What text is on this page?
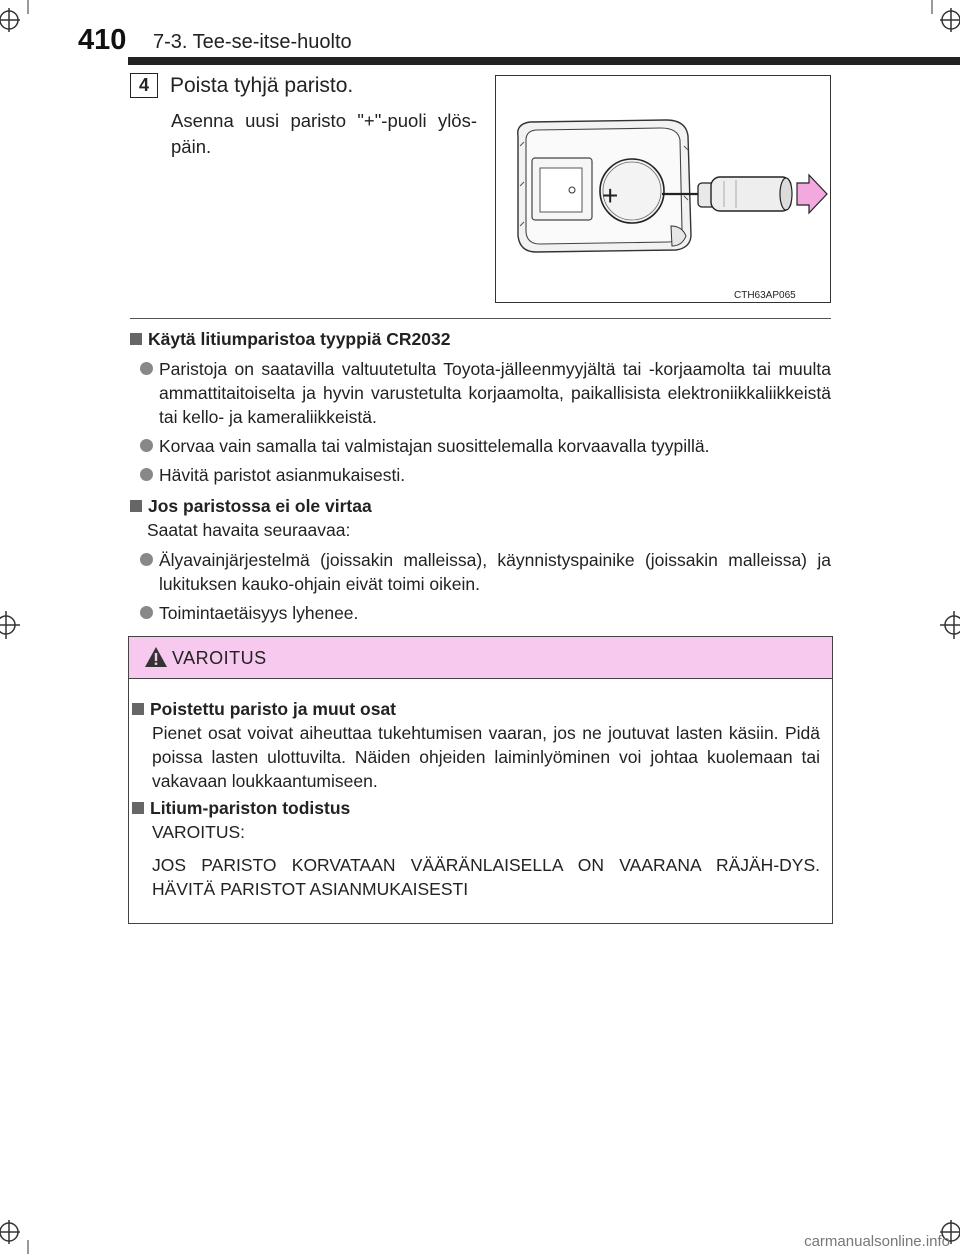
410 7-3. Tee-se-itse-huolto
4	Poista tyhjä paristo.
Asenna uusi paristo "+"-puoli ylös-päin.
+
CTH63AP065
Käytä litiumparistoa tyyppiä CR2032
Paristoja on saatavilla valtuutetulta Toyota-jälleenmyyjältä tai -korjaamolta tai muulta ammattitaitoiselta ja hyvin varustetulta korjaamolta, paikallisista elektroniikkaliikkeistä tai kello- ja kameraliikkeistä.
Korvaa vain samalla tai valmistajan suosittelemalla korvaavalla tyypillä.
Hävitä paristot asianmukaisesti.
Jos paristossa ei ole virtaa
Saatat havaita seuraavaa:
Älyavainjärjestelmä (joissakin malleissa), käynnistyspainike (joissakin malleissa) ja lukituksen kauko-ohjain eivät toimi oikein.
Toimintaetäisyys lyhenee.
VAROITUS
Poistettu paristo ja muut osat
Pienet osat voivat aiheuttaa tukehtumisen vaaran, jos ne joutuvat lasten käsiin. Pidä poissa lasten ulottuvilta. Näiden ohjeiden laiminlyöminen voi johtaa kuolemaan tai vakavaan loukkaantumiseen.
Litium-pariston todistus
VAROITUS:
JOS PARISTO KORVATAAN VÄÄRÄNLAISELLA ON VAARANA RÄJÄH-DYS. HÄVITÄ PARISTOT ASIANMUKAISESTI
carmanualsonline.info
